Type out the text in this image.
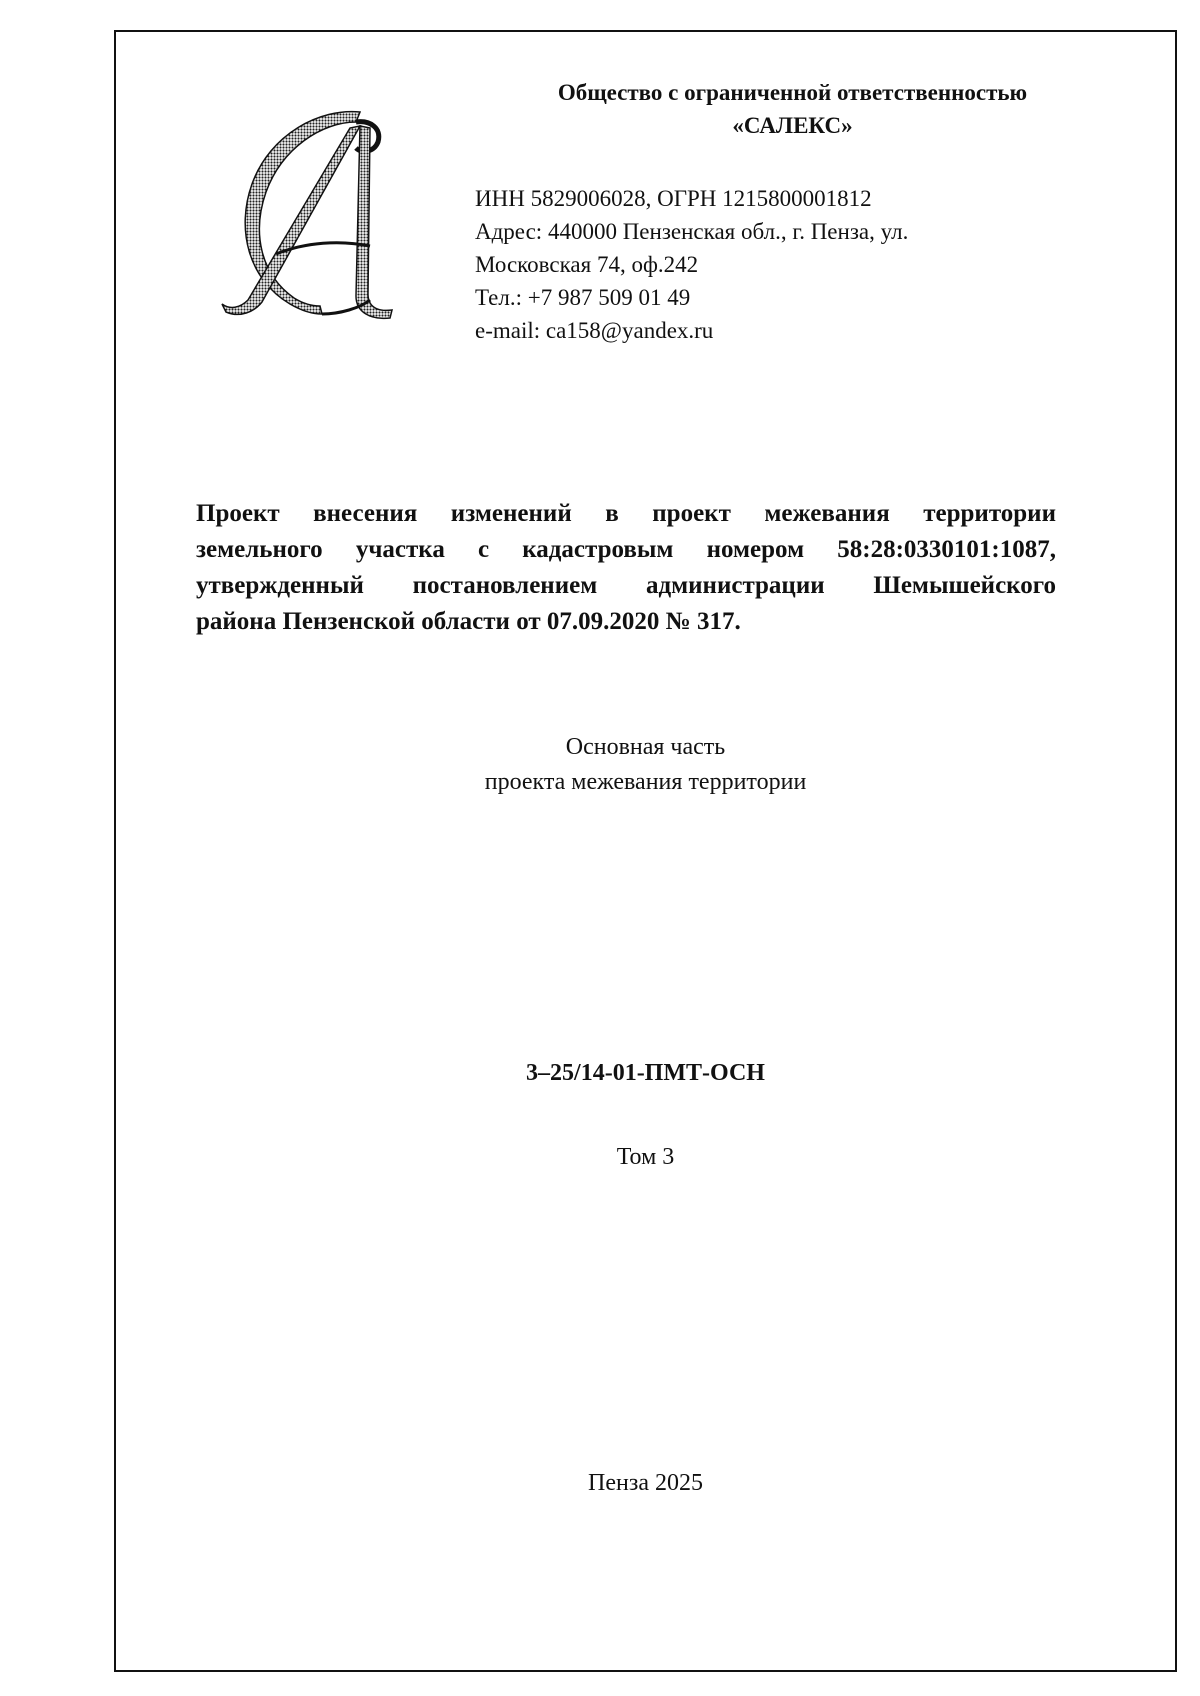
Общество с ограниченной ответственностью
«САЛЕКС»
ИНН 5829006028, ОГРН 1215800001812
Адрес: 440000 Пензенская обл., г. Пенза, ул.
Московская 74, оф.242
Тел.: +7 987 509 01 49
e-mail: ca158@yandex.ru
Проект внесения изменений в проект межевания территории
земельного участка с кадастровым номером 58:28:0330101:1087,
утвержденный постановлением администрации Шемышейского
района Пензенской области от 07.09.2020 № 317.
Основная часть
проекта межевания территории
3–25/14-01-ПМТ-ОСН
Том 3
Пенза 2025
